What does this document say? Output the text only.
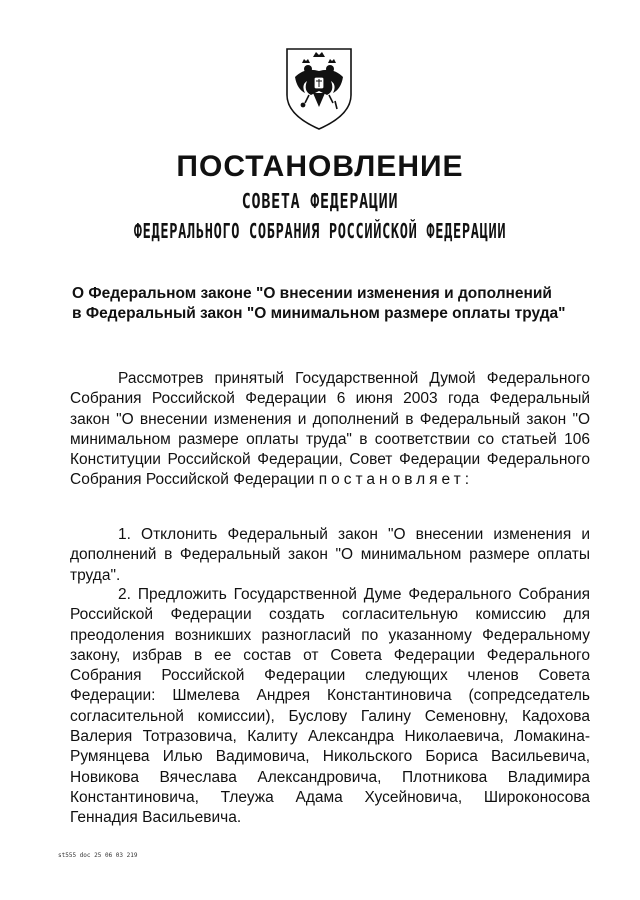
ПОСТАНОВЛЕНИЕ
СОВЕТА ФЕДЕРАЦИИ
ФЕДЕРАЛЬНОГО СОБРАНИЯ РОССИЙСКОЙ ФЕДЕРАЦИИ
О Федеральном законе "О внесении изменения и дополнений
в Федеральный закон "О минимальном размере оплаты труда"

Рассмотрев принятый Государственной Думой Федерального Собрания Российской Федерации 6 июня 2003 года Федеральный закон "О внесении изменения и дополнений в Федеральный закон "О минимальном размере оплаты труда" в соответствии со статьей 106 Конституции Российской Федерации, Совет Федерации Федерального Собрания Российской Федерации постановляет:

1. Отклонить Федеральный закон "О внесении изменения и дополнений в Федеральный закон "О минимальном размере оплаты труда".

2. Предложить Государственной Думе Федерального Собрания Российской Федерации создать согласительную комиссию для преодоления возникших разногласий по указанному Федеральному закону, избрав в ее состав от Совета Федерации Федерального Собрания Российской Федерации следующих членов Совета Федерации: Шмелева Андрея Константиновича (сопредседатель согласительной комиссии), Буслову Галину Семеновну, Кадохова Валерия Тотразовича, Калиту Александра Николаевича, Ломакина-Румянцева Илью Вадимовича, Никольского Бориса Васильевича, Новикова Вячеслава Александровича, Плотникова Владимира Константиновича, Тлеужа Адама Хусейновича, Широконосова Геннадия Васильевича.

st555 doc 25 06 03 219
